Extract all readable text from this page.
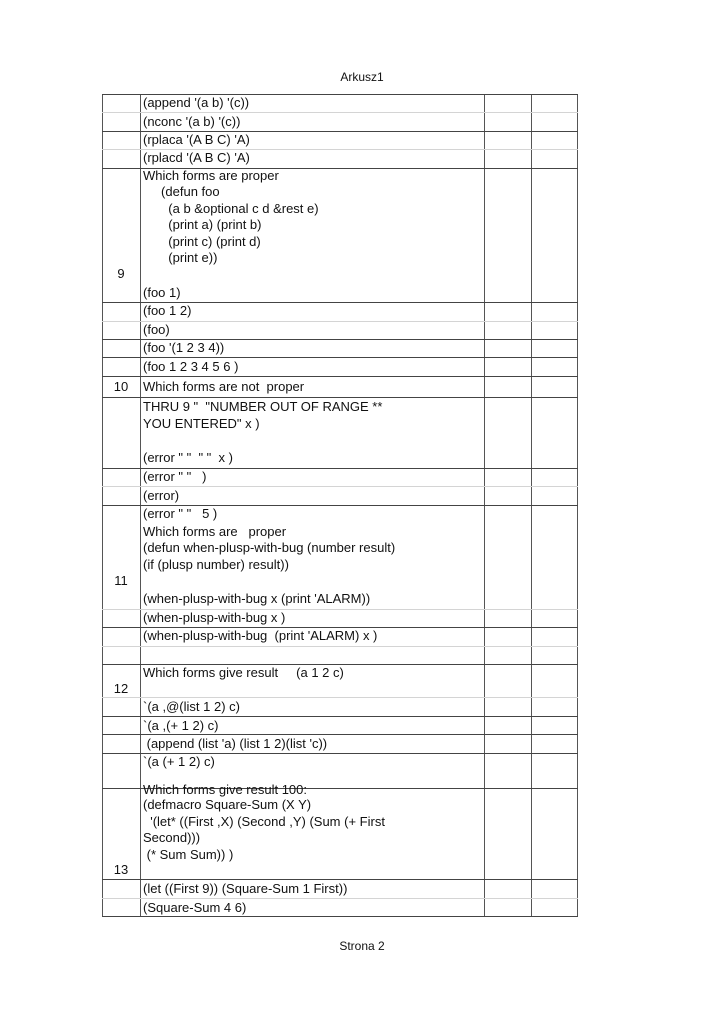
Arkusz1
9
10
11
12
13
(append '(a b) '(c))
(nconc '(a b) '(c))
(rplaca '(A B C) 'A)
(rplacd '(A B C) 'A)
Which forms are proper
(defun foo
(a b &optional c d &rest e)
(print a) (print b)
(print c) (print d)
(print e))
(foo 1)
(foo 1 2)
(foo)
(foo '(1 2 3 4))
(foo 1 2 3 4 5 6 )
Which forms are not  proper
THRU 9 "  "NUMBER OUT OF RANGE **
YOU ENTERED" x )
(error " "  " "  x )
(error " "   )
(error)
(error " "   5 )
Which forms are   proper
(defun when-plusp-with-bug (number result)
(if (plusp number) result))
(when-plusp-with-bug x (print 'ALARM))
(when-plusp-with-bug x )
(when-plusp-with-bug  (print 'ALARM) x )
Which forms give result     (a 1 2 c)
`(a ,@(list 1 2) c)
`(a ,(+ 1 2) c)
(append (list 'a) (list 1 2)(list 'c))
`(a (+ 1 2) c)
Which forms give result 100:
(defmacro Square-Sum (X Y)
'(let* ((First ,X) (Second ,Y) (Sum (+ First
Second)))
(* Sum Sum)) )
(let ((First 9)) (Square-Sum 1 First))
(Square-Sum 4 6)
Strona 2
